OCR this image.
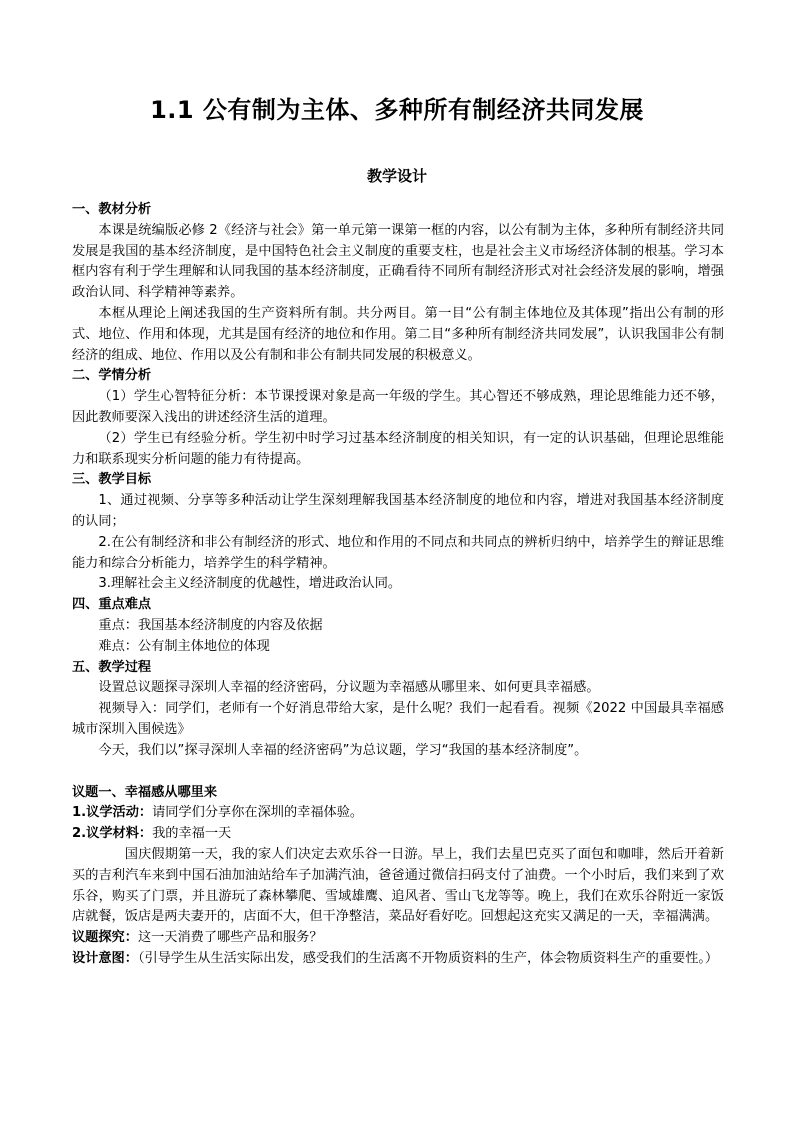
1.1 公有制为主体、多种所有制经济共同发展
教学设计

一、教材分析

本课是统编版必修 2《经济与社会》第一单元第一课第一框的内容，以公有制为主体，多种所有制经济共同发展是我国的基本经济制度，是中国特色社会主义制度的重要支柱，也是社会主义市场经济体制的根基。学习本框内容有利于学生理解和认同我国的基本经济制度，正确看待不同所有制经济形式对社会经济发展的影响，增强政治认同、科学精神等素养。

本框从理论上阐述我国的生产资料所有制。共分两目。第一目“公有制主体地位及其体现”指出公有制的形式、地位、作用和体现，尤其是国有经济的地位和作用。第二目“多种所有制经济共同发展”，认识我国非公有制经济的组成、地位、作用以及公有制和非公有制共同发展的积极意义。

二、学情分析

（1）学生心智特征分析：本节课授课对象是高一年级的学生。其心智还不够成熟，理论思维能力还不够，因此教师要深入浅出的讲述经济生活的道理。

（2）学生已有经验分析。学生初中时学习过基本经济制度的相关知识，有一定的认识基础，但理论思维能力和联系现实分析问题的能力有待提高。

三、教学目标

1、通过视频、分享等多种活动让学生深刻理解我国基本经济制度的地位和内容，增进对我国基本经济制度的认同；

2.在公有制经济和非公有制经济的形式、地位和作用的不同点和共同点的辨析归纳中，培养学生的辩证思维能力和综合分析能力，培养学生的科学精神。

3.理解社会主义经济制度的优越性，增进政治认同。

四、重点难点

重点：我国基本经济制度的内容及依据

难点：公有制主体地位的体现

五、教学过程

设置总议题探寻深圳人幸福的经济密码，分议题为幸福感从哪里来、如何更具幸福感。

视频导入：同学们，老师有一个好消息带给大家，是什么呢？我们一起看看。视频《2022 中国最具幸福感城市深圳入围候选》

今天，我们以”探寻深圳人幸福的经济密码”为总议题，学习“我国的基本经济制度”。

议题一、幸福感从哪里来

1.议学活动：请同学们分享你在深圳的幸福体验。

2.议学材料：我的幸福一天

国庆假期第一天，我的家人们决定去欢乐谷一日游。早上，我们去星巴克买了面包和咖啡，然后开着新买的吉利汽车来到中国石油加油站给车子加满汽油，爸爸通过微信扫码支付了油费。一个小时后，我们来到了欢乐谷，购买了门票，并且游玩了森林攀爬、雪域雄鹰、追风者、雪山飞龙等等。晚上，我们在欢乐谷附近一家饭店就餐，饭店是两夫妻开的，店面不大，但干净整洁，菜品好看好吃。回想起这充实又满足的一天，幸福满满。

议题探究：这一天消费了哪些产品和服务？

设计意图：（引导学生从生活实际出发，感受我们的生活离不开物质资料的生产，体会物质资料生产的重要性。）
